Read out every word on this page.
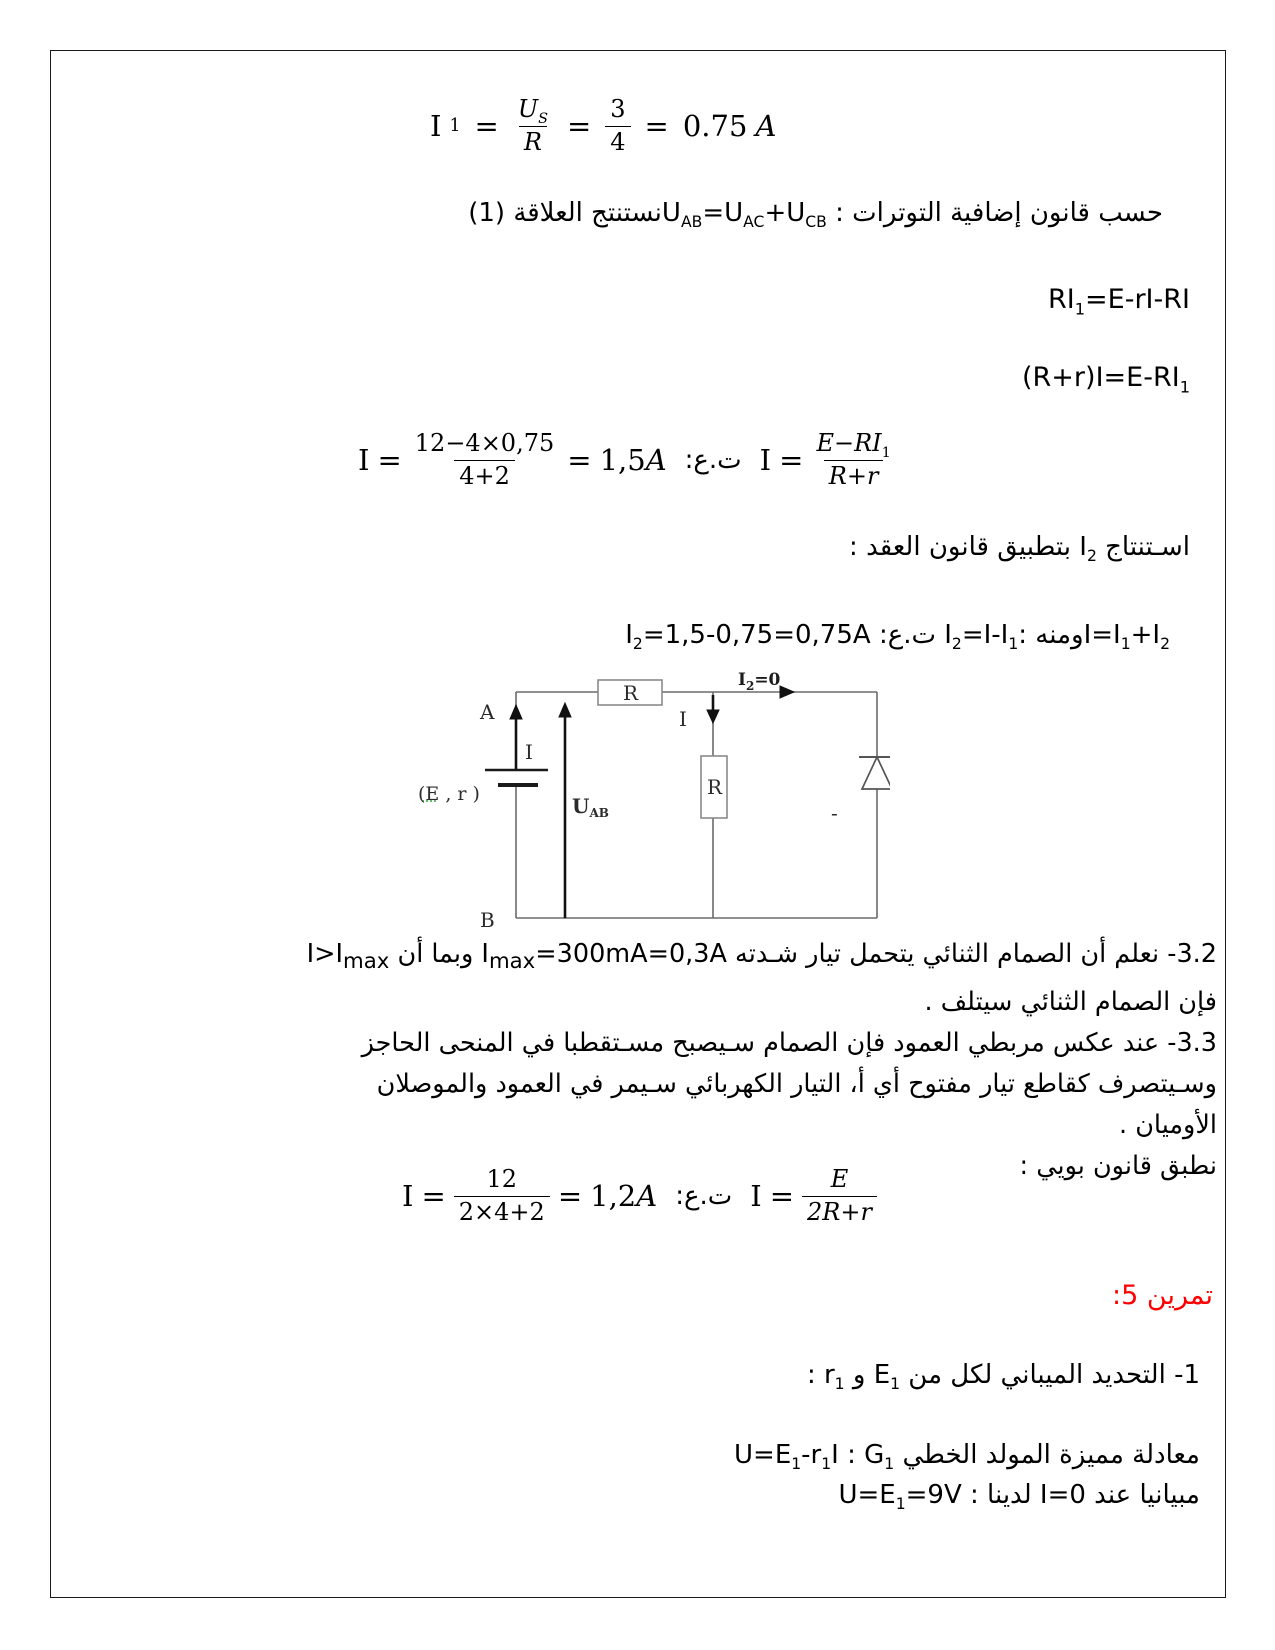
I $1 = \frac{U_S}{R} = \frac{3}{4} = 0.75$ A
حسب قانون إضافية التوترات : $U_{AB}=U_{AC}+U_{CB}نستنتج$ العلاقة (1)
$RI_1=E-rI-RI$
$(R+r)I=E-RI_1$
$I = \frac{12-4\times 0,75}{4+2} = 1,5A$ ت.ع: $I = \frac{E-RI_1}{R+r}$
اسـتنتاج $I_2$ بتطبيق قانون العقد :
$I=I_1+I_2ومنه$ $I_2=I-I_1$: ت.ع: $I_2=1,5-0,75=0,75A$
R
R
A
B
I
(E , r )	$U_{AB}$
I
$I_2=0$
-
3.2- نعلم أن الصمام الثنائي يتحمل تيار شـدته $I_{max}=300mA=0,3A$ وبما أن $I>I_{max}$
فإن الصمام الثنائي سيتلف .
3.3- عند عكس مربطي العمود فإن الصمام سـيصبح مسـتقطبا في المنحى الحاجز
وسـيتصرف كقاطع تيار مفتوح أي أ، التيار الكهربائي سـيمر في العمود والموصلان
الأوميان .
نطبق قانون بويي :
$I = \frac{12}{2\times 4+2} = 1,2A$ ت.ع: $I = \frac{E}{2R+r}$
تمرين 5:
1- التحديد الميباني لكل من $E_1$ و $r_1$ :
معادلة مميزة المولد الخطي $G_1$ : $U=E_1-r_1I$
مبيانيا عند I=0 لدينا : $U=E_1=9V$
